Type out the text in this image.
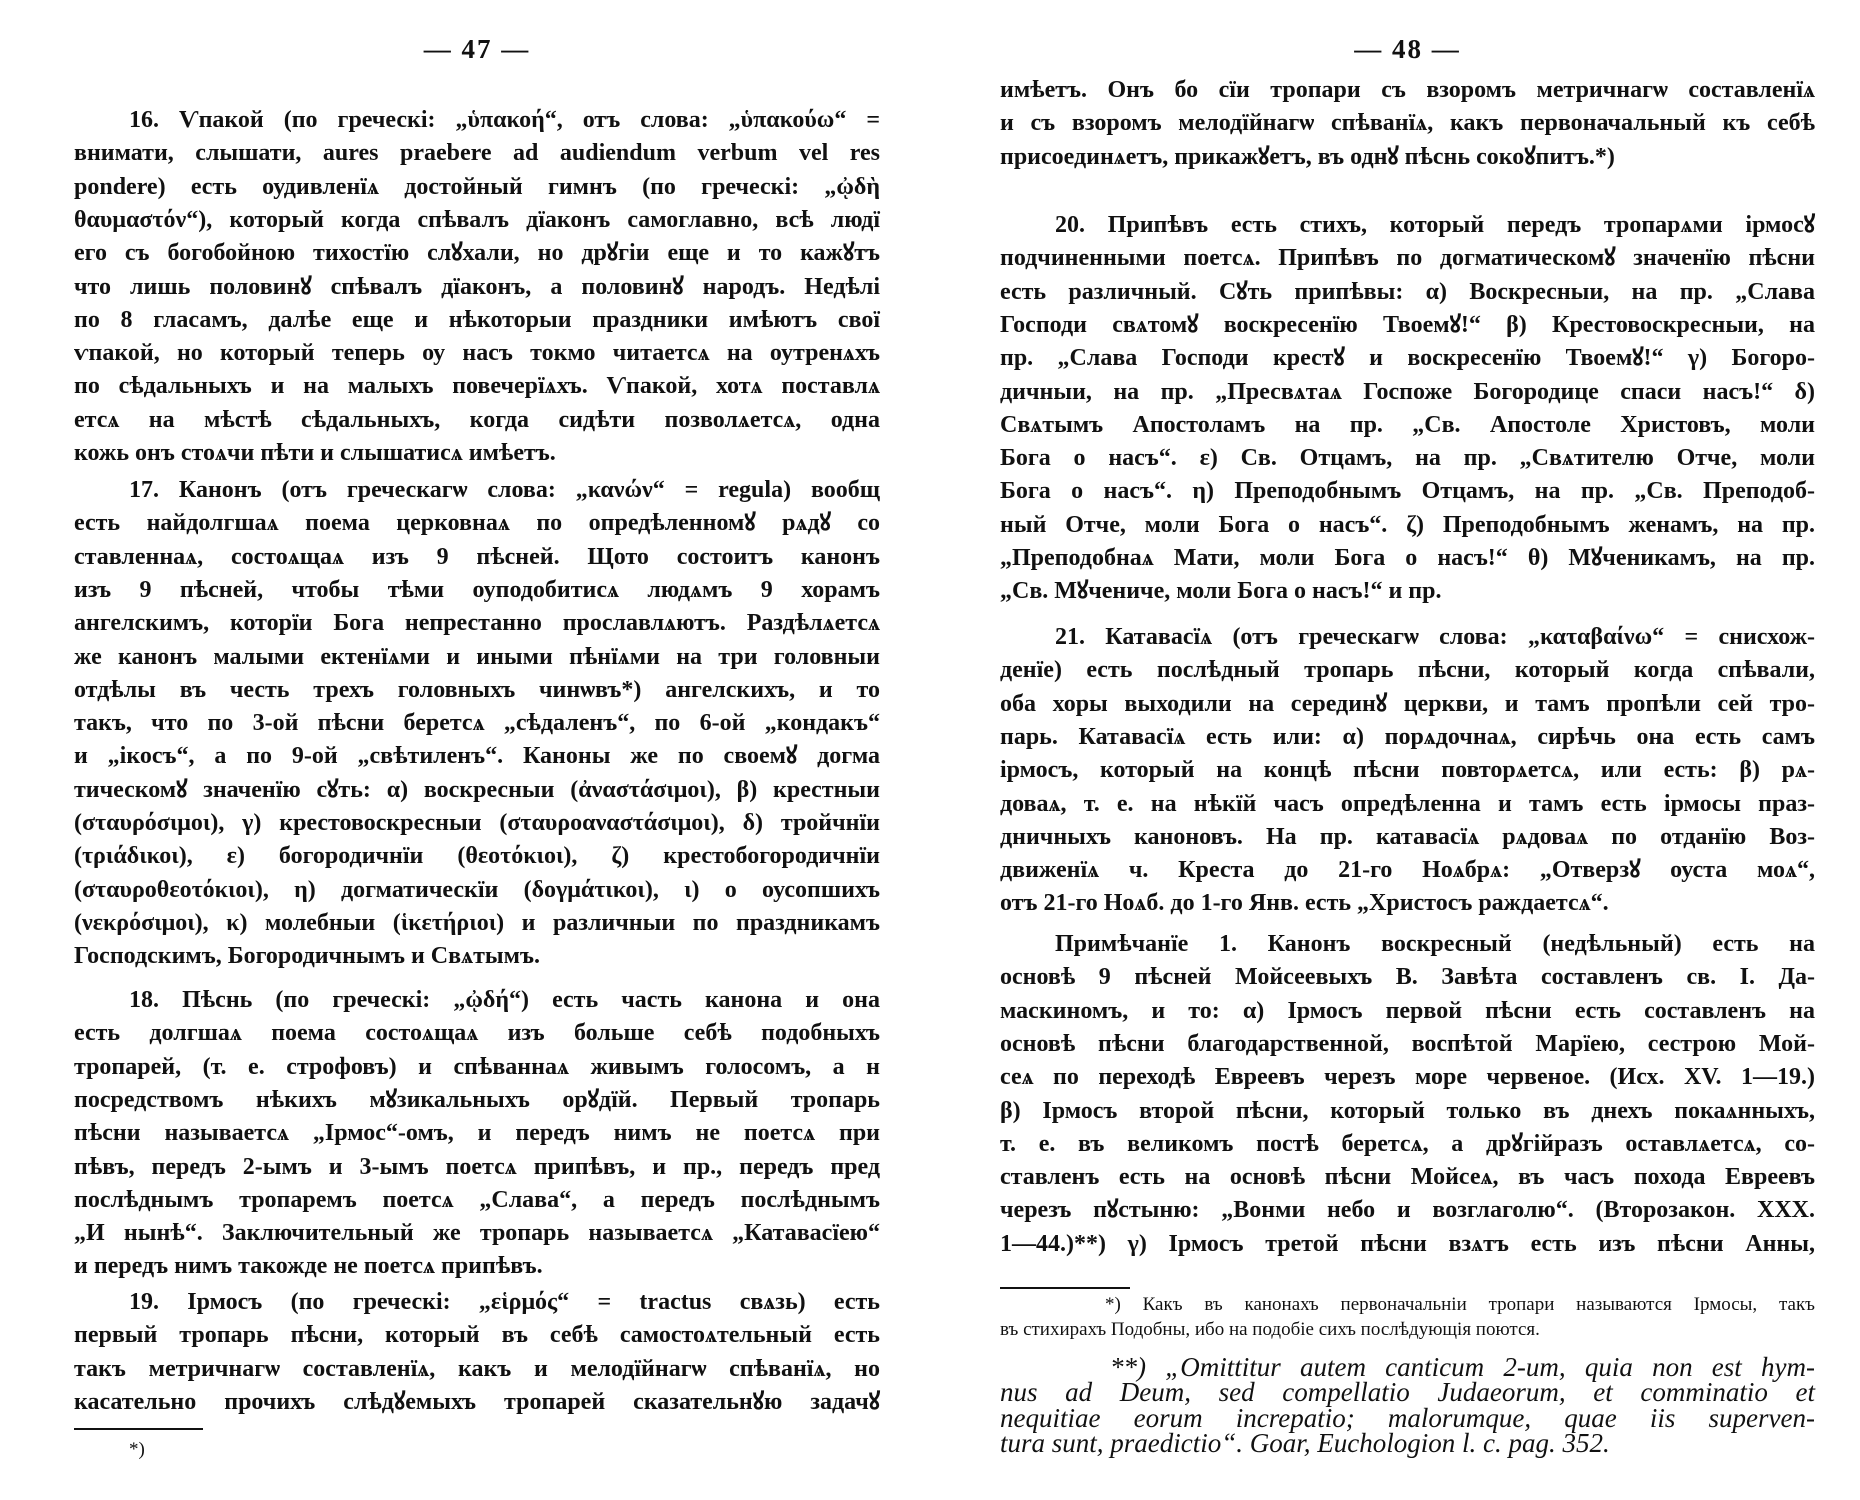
— 47 —
*)
16. Ѵпакой (по греческі: „ὑπακοή“, отъ слова: „ὑπακούω“ =
внимати, слышати, aures praebere ad audiendum verbum vel res
pondere) есть оудивленїѧ достойный гимнъ (по греческі: „ᾠδὴ
θαυμαστόν“), который когда спѣвалъ дїаконъ самоглавно, всѣ людї
его съ богобойною тихостїю слꙋхали, но дрꙋгіи еще и то кажꙋтъ
что лишь половинꙋ спѣвалъ дїаконъ, а половинꙋ народъ. Недѣлі
по 8 гласамъ, далѣе еще и нѣкоторыи праздники имѣютъ свої
ѵпакой, но который теперь оу насъ токмо читаетсѧ на оутренѧхъ
по сѣдальныхъ и на малыхъ повечерїѧхъ. Ѵпакой, хотѧ поставлѧ
етсѧ на мѣстѣ сѣдальныхъ, когда сидѣти позволѧетсѧ, одна
кожь онъ стоѧчи пѣти и слышатисѧ имѣетъ.
17. Канонъ (отъ греческагѡ слова: „κανών“ = regula) вообщ
есть найдолгшаѧ поема церковнаѧ по опредѣленномꙋ рѧдꙋ со
ставленнаѧ, состоѧщаѧ изъ 9 пѣсней. Щото состоитъ канонъ
изъ 9 пѣсней, чтобы тѣми оуподобитисѧ людѧмъ 9 хорамъ
ангелскимъ, которїи Бога непрестанно прославлѧютъ. Раздѣлѧетсѧ
же канонъ малыми ектенїѧми и иными пѣнїѧми на три головныи
отдѣлы въ честь трехъ головныхъ чинѡвъ*) ангелскихъ, и то
такъ, что по 3-ой пѣсни беретсѧ „сѣдаленъ“, по 6-ой „кондакъ“
и „ікосъ“, а по 9-ой „свѣтиленъ“. Каноны же по своемꙋ догма
тическомꙋ значенїю сꙋть: α) воскресныи (ἀναστάσιμοι), β) крестныи
(σταυρόσιμοι), γ) крестовоскресныи (σταυροαναστάσιμοι), δ) тройчнїи
(τριάδικοι), ε) богородичнїи (θεοτόκιοι), ζ) крестобогородичнїи
(σταυροθεοτόκιοι), η) догматическїи (δογμάτικοι), ι) о оусопшихъ
(νεκρόσιμοι), κ) молебныи (ἱκετήριοι) и различныи по праздникамъ
Господскимъ, Богородичнымъ и Свѧтымъ.
18. Пѣснь (по греческі: „ᾠδή“) есть часть канона и она
есть долгшаѧ поема состоѧщаѧ изъ больше себѣ подобныхъ
тропарей, (т. е. строфовъ) и спѣваннаѧ живымъ голосомъ, а н
посредствомъ нѣкихъ мꙋзикальныхъ орꙋдїй. Первый тропарь
пѣсни называетсѧ „Ірмос“-омъ, и передъ нимъ не поетсѧ при
пѣвъ, передъ 2-ымъ и 3-ымъ поетсѧ припѣвъ, и пр., передъ пред
послѣднымъ тропаремъ поетсѧ „Слава“, а передъ послѣднымъ
„И нынѣ“. Заключительный же тропарь называетсѧ „Катавасїею“
и передъ нимъ такожде не поетсѧ припѣвъ.
19. Ірмосъ (по греческі: „εἱρμός“ = tractus свѧзь) есть
первый тропарь пѣсни, который въ себѣ самостоѧтельный есть
такъ метричнагѡ составленїѧ, какъ и мелодїйнагѡ спѣванїѧ, но
касательно прочихъ слѣдꙋемыхъ тропарей сказательнꙋю задачꙋ
— 48 —
имѣетъ. Онъ бо сїи тропари съ взоромъ метричнагѡ составленїѧ
и съ взоромъ мелодїйнагѡ спѣванїѧ, какъ первоначальный къ себѣ
присоединѧетъ, прикажꙋетъ, въ однꙋ пѣснь сокоꙋпитъ.*)
20. Припѣвъ есть стихъ, который передъ тропарѧми ірмосꙋ
подчиненными поетсѧ. Припѣвъ по догматическомꙋ значенїю пѣсни
есть различный. Сꙋть припѣвы: α) Воскресныи, на пр. „Слава
Господи свѧтомꙋ воскресенїю Твоемꙋ!“ β) Крестовоскресныи, на
пр. „Слава Господи крестꙋ и воскресенїю Твоемꙋ!“ γ) Богоро-
дичныи, на пр. „Пресвѧтаѧ Госпоже Богородице спаси насъ!“ δ)
Свѧтымъ Апостоламъ на пр. „Св. Апостоле Христовъ, моли
Бога о насъ“. ε) Св. Отцамъ, на пр. „Свѧтителю Отче, моли
Бога о насъ“. η) Преподобнымъ Отцамъ, на пр. „Св. Преподоб-
ный Отче, моли Бога о насъ“. ζ) Преподобнымъ женамъ, на пр.
„Преподобнаѧ Мати, моли Бога о насъ!“ θ) Мꙋченикамъ, на пр.
„Св. Мꙋчениче, моли Бога о насъ!“ и пр.
21. Катавасїѧ (отъ греческагѡ слова: „καταβαίνω“ = снисхож-
денїе) есть послѣдный тропарь пѣсни, который когда спѣвали,
оба хоры выходили на серединꙋ церкви, и тамъ пропѣли сей тро-
парь. Катавасїѧ есть или: α) порѧдочнаѧ, сирѣчь она есть самъ
ірмосъ, который на концѣ пѣсни повторѧетсѧ, или есть: β) рѧ-
доваѧ, т. е. на нѣкїй часъ опредѣленна и тамъ есть ірмосы праз-
дничныхъ каноновъ. На пр. катавасїѧ рѧдоваѧ по отданїю Воз-
движенїѧ ч. Креста до 21-го Ноѧбрѧ: „Отверзꙋ оуста моѧ“,
отъ 21-го Ноѧб. до 1-го Янв. есть „Христосъ раждаетсѧ“.
Примѣчанїе 1. Канонъ воскресный (недѣльный) есть на
основѣ 9 пѣсней Мойсеевыхъ В. Завѣта составленъ св. І. Да-
маскиномъ, и то: α) Ірмосъ первой пѣсни есть составленъ на
основѣ пѣсни благодарственной, воспѣтой Марїею, сестрою Мой-
сеѧ по переходѣ Евреевъ черезъ море червеное. (Исх. XV. 1—19.)
β) Ірмосъ второй пѣсни, который только въ днехъ покаѧнныхъ,
т. е. въ великомъ постѣ беретсѧ, а дрꙋгійразъ оставлѧетсѧ, со-
ставленъ есть на основѣ пѣсни Мойсеѧ, въ часъ похода Евреевъ
черезъ пꙋстыню: „Вонми небо и возглаголю“. (Второзакон. XXX.
1—44.)**) γ) Ірмосъ третой пѣсни взѧтъ есть изъ пѣсни Анны,
*) Какъ въ канонахъ первоначальніи тропари называются Ірмосы, такъ
въ стихирахъ Подобны, ибо на подобіе сихъ послѣдующія поются.
**) „Omittitur autem canticum 2-um, quia non est hym-
nus ad Deum, sed compellatio Judaeorum, et comminatio et
nequitiae eorum increpatio; malorumque, quae iis superven-
tura sunt, praedictio“. Goar, Euchologion l. c. pag. 352.
